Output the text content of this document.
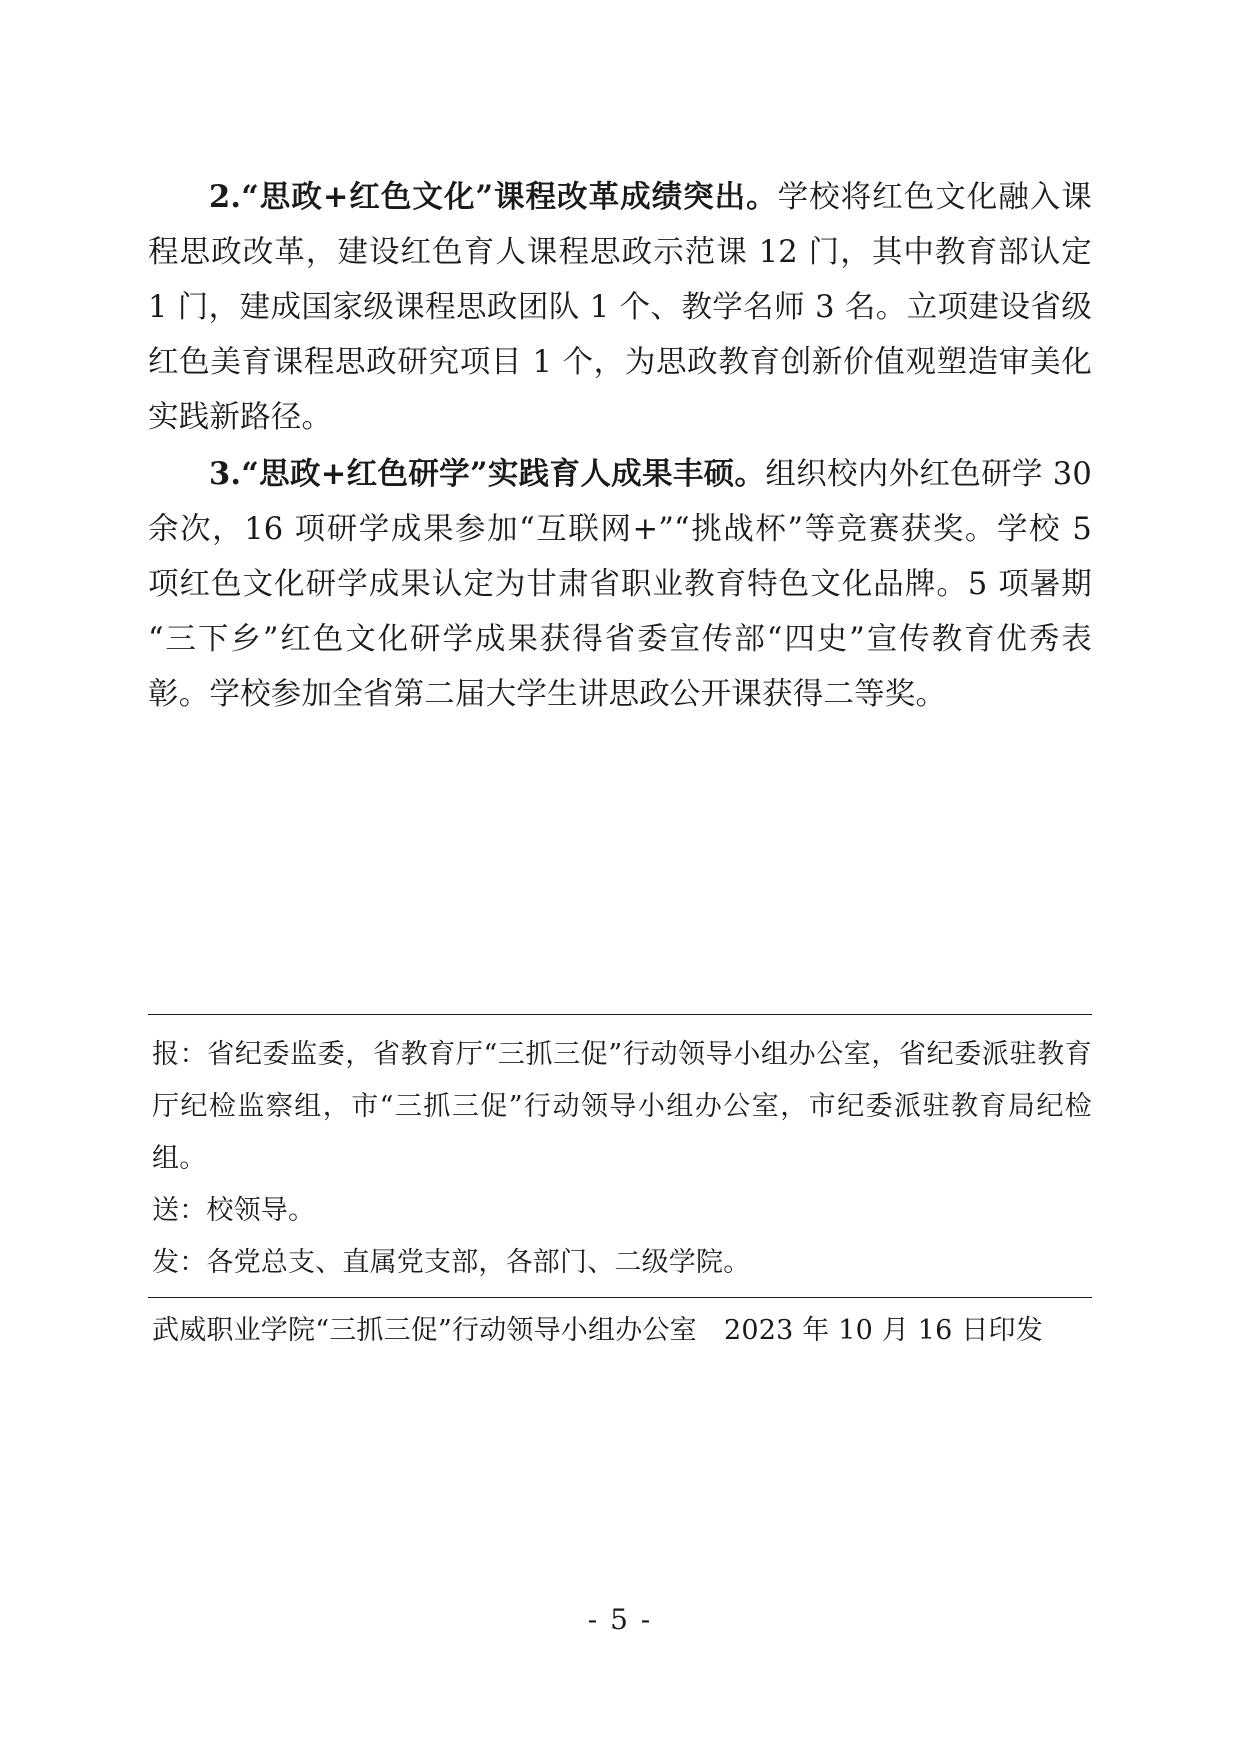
2.“思政+红色文化”课程改革成绩突出。学校将红色文化融入课程思政改革，建设红色育人课程思政示范课 12 门，其中教育部认定 1 门，建成国家级课程思政团队 1 个、教学名师 3 名。立项建设省级红色美育课程思政研究项目 1 个，为思政教育创新价值观塑造审美化实践新路径。

3.“思政+红色研学”实践育人成果丰硕。组织校内外红色研学 30 余次，16 项研学成果参加“互联网+”“挑战杯”等竞赛获奖。学校 5 项红色文化研学成果认定为甘肃省职业教育特色文化品牌。5 项暑期“三下乡”红色文化研学成果获得省委宣传部“四史”宣传教育优秀表彰。学校参加全省第二届大学生讲思政公开课获得二等奖。

报：省纪委监委，省教育厅“三抓三促”行动领导小组办公室，省纪委派驻教育厅纪检监察组，市“三抓三促”行动领导小组办公室，市纪委派驻教育局纪检组。

送：校领导。

发：各党总支、直属党支部，各部门、二级学院。

武威职业学院“三抓三促”行动领导小组办公室　2023 年 10 月 16 日印发
- 5 -
